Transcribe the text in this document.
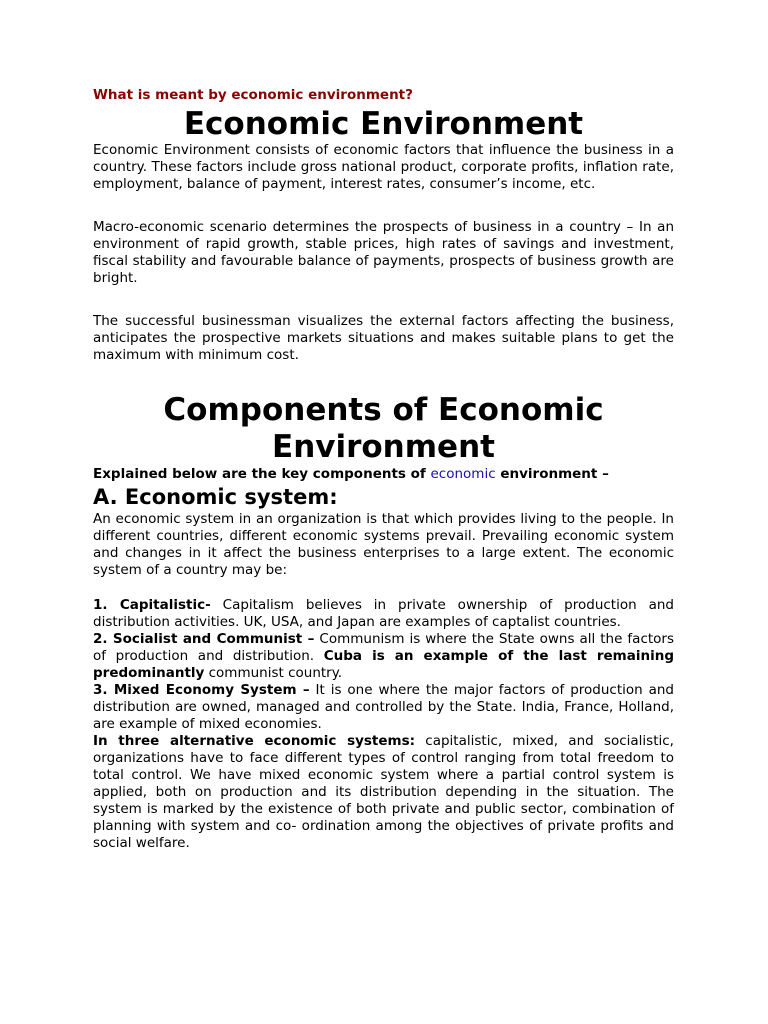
What is meant by economic environment?
Economic Environment

Economic Environment consists of economic factors that influence the business in a country. These factors include gross national product, corporate profits, inflation rate, employment, balance of payment, interest rates, consumer’s income, etc.

Macro-economic scenario determines the prospects of business in a country – In an environment of rapid growth, stable prices, high rates of savings and investment, fiscal stability and favourable balance of payments, prospects of business growth are bright.

The successful businessman visualizes the external factors affecting the business, anticipates the prospective markets situations and makes suitable plans to get the maximum with minimum cost.

Components of Economic
Environment

Explained below are the key components of economic environment –

A. Economic system:

An economic system in an organization is that which provides living to the people. In different countries, different economic systems prevail. Prevailing economic system and changes in it affect the business enterprises to a large extent. The economic system of a country may be:

1. Capitalistic- Capitalism believes in private ownership of production and distribution activities. UK, USA, and Japan are examples of captalist countries.

2. Socialist and Communist – Communism is where the State owns all the factors of production and distribution. Cuba is an example of the last remaining predominantly communist country.

3. Mixed Economy System – It is one where the major factors of production and distribution are owned, managed and controlled by the State. India, France, Holland, are example of mixed economies.

In three alternative economic systems: capitalistic, mixed, and socialistic, organizations have to face different types of control ranging from total freedom to total control. We have mixed economic system where a partial control system is applied, both on production and its distribution depending in the situation. The system is marked by the existence of both private and public sector, combination of planning with system and co- ordination among the objectives of private profits and social welfare.
